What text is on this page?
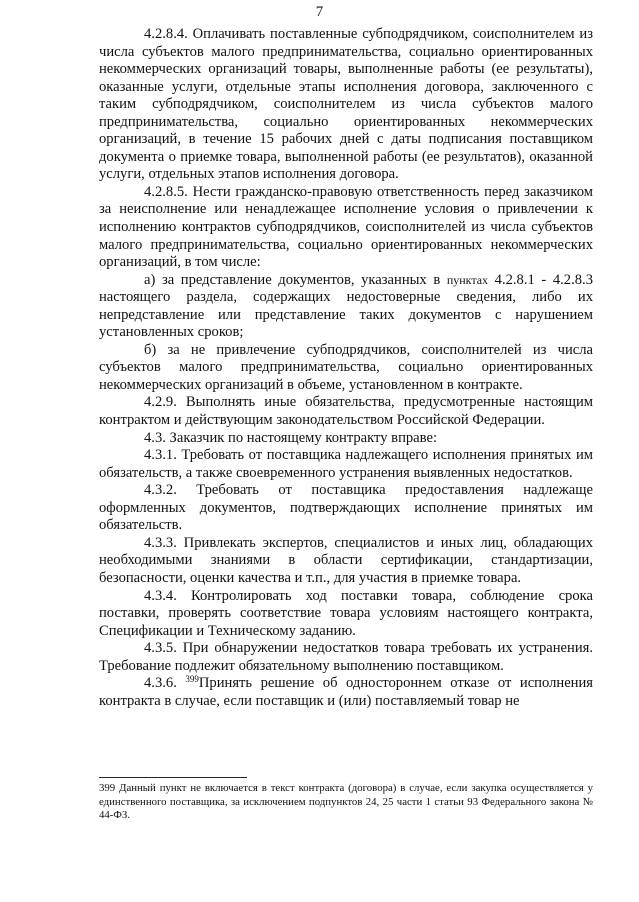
7

4.2.8.4. Оплачивать поставленные субподрядчиком, соисполнителем из числа субъектов малого предпринимательства, социально ориентированных некоммерческих организаций товары, выполненные работы (ее результаты), оказанные услуги, отдельные этапы исполнения договора, заключенного с таким субподрядчиком, соисполнителем из числа субъектов малого предпринимательства, социально ориентированных некоммерческих организаций, в течение 15 рабочих дней с даты подписания поставщиком документа о приемке товара, выполненной работы (ее результатов), оказанной услуги, отдельных этапов исполнения договора.

4.2.8.5. Нести гражданско-правовую ответственность перед заказчиком за неисполнение или ненадлежащее исполнение условия о привлечении к исполнению контрактов субподрядчиков, соисполнителей из числа субъектов малого предпринимательства, социально ориентированных некоммерческих организаций, в том числе:

а) за представление документов, указанных в пунктах 4.2.8.1 - 4.2.8.3 настоящего раздела, содержащих недостоверные сведения, либо их непредставление или представление таких документов с нарушением установленных сроков;

б) за не привлечение субподрядчиков, соисполнителей из числа субъектов малого предпринимательства, социально ориентированных некоммерческих организаций в объеме, установленном в контракте.

4.2.9. Выполнять иные обязательства, предусмотренные настоящим контрактом и действующим законодательством Российской Федерации.

4.3. Заказчик по настоящему контракту вправе:

4.3.1. Требовать от поставщика надлежащего исполнения принятых им обязательств, а также своевременного устранения выявленных недостатков.

4.3.2. Требовать от поставщика предоставления надлежаще оформленных документов, подтверждающих исполнение принятых им обязательств.

4.3.3. Привлекать экспертов, специалистов и иных лиц, обладающих необходимыми знаниями в области сертификации, стандартизации, безопасности, оценки качества и т.п., для участия в приемке товара.

4.3.4. Контролировать ход поставки товара, соблюдение срока поставки, проверять соответствие товара условиям настоящего контракта, Спецификации и Техническому заданию.

4.3.5. При обнаружении недостатков товара требовать их устранения. Требование подлежит обязательному выполнению поставщиком.

4.3.6. $^{399}$Принять решение об одностороннем отказе от исполнения контракта в случае, если поставщик и (или) поставляемый товар не

399 Данный пункт не включается в текст контракта (договора) в случае, если закупка осуществляется у единственного поставщика, за исключением подпунктов 24, 25 части 1 статьи 93 Федерального закона № 44-ФЗ.
